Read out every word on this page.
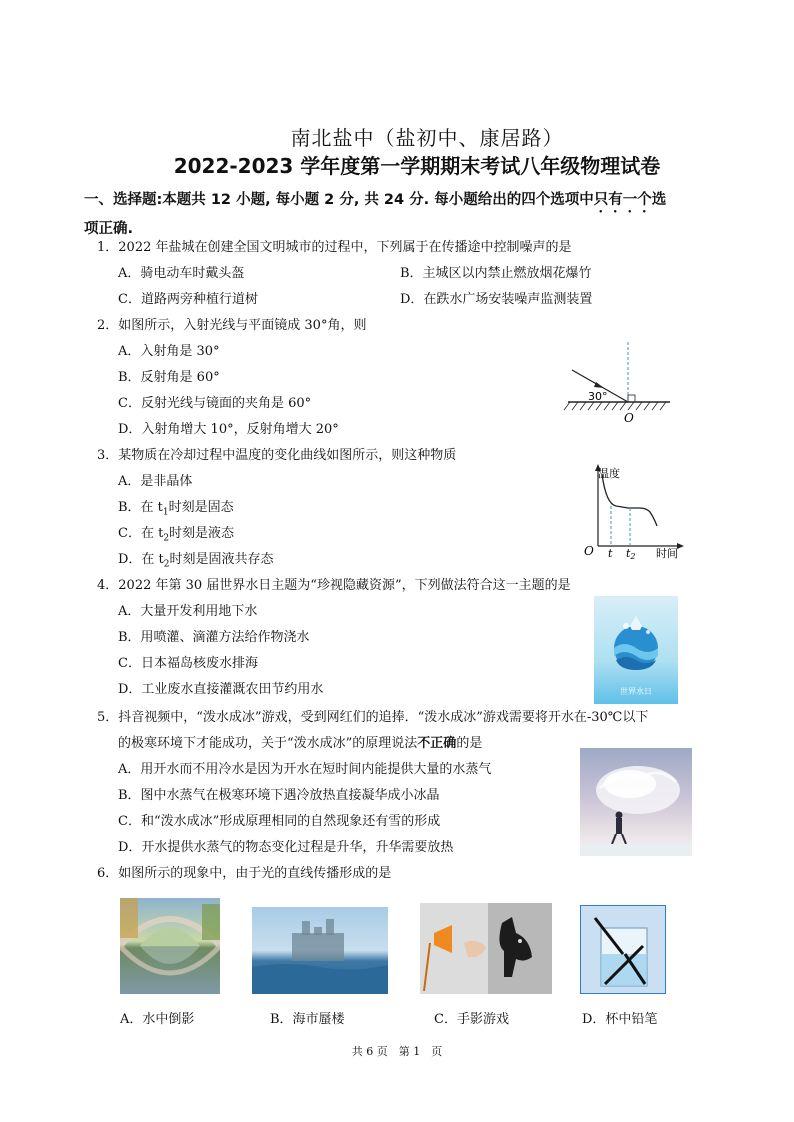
南北盐中（盐初中、康居路）
2022-2023 学年度第一学期期末考试八年级物理试卷
一、选择题:本题共 12 小题, 每小题 2 分, 共 24 分. 每小题给出的四个选项中只有一个选
项正确.
1．2022 年盐城在创建全国文明城市的过程中，下列属于在传播途中控制噪声的是
A．骑电动车时戴头盔	B．主城区以内禁止燃放烟花爆竹
C．道路两旁种植行道树	D．在跌水广场安装噪声监测装置
2．如图所示，入射光线与平面镜成 30°角，则
A．入射角是 30°
B．反射角是 60°
C．反射光线与镜面的夹角是 60°
D．入射角增大 10°，反射角增大 20°
30°
O
3．某物质在冷却过程中温度的变化曲线如图所示，则这种物质
A．是非晶体
B．在 $t_1$时刻是固态
C．在 $t_2$时刻是液态
D．在 $t_2$时刻是固液共存态
温度
时间
O t t2
4．2022 年第 30 届世界水日主题为“珍视隐藏资源”，下列做法符合这一主题的是
A．大量开发利用地下水
B．用喷灌、滴灌方法给作物浇水
C．日本福岛核废水排海
D．工业废水直接灌溉农田节约用水	世界水日
5．抖音视频中，“泼水成冰”游戏，受到网红们的追捧．“泼水成冰”游戏需要将开水在-30℃以下
的极寒环境下才能成功，关于“泼水成冰”的原理说法不正确的是
A．用开水而不用冷水是因为开水在短时间内能提供大量的水蒸气
B．图中水蒸气在极寒环境下遇冷放热直接凝华成小冰晶
C．和“泼水成冰”形成原理相同的自然现象还有雪的形成
D．开水提供水蒸气的物态变化过程是升华，升华需要放热
6．如图所示的现象中，由于光的直线传播形成的是
A．水中倒影	B．海市蜃楼	C．手影游戏	D．杯中铅笔
共 6 页　第 1　页
